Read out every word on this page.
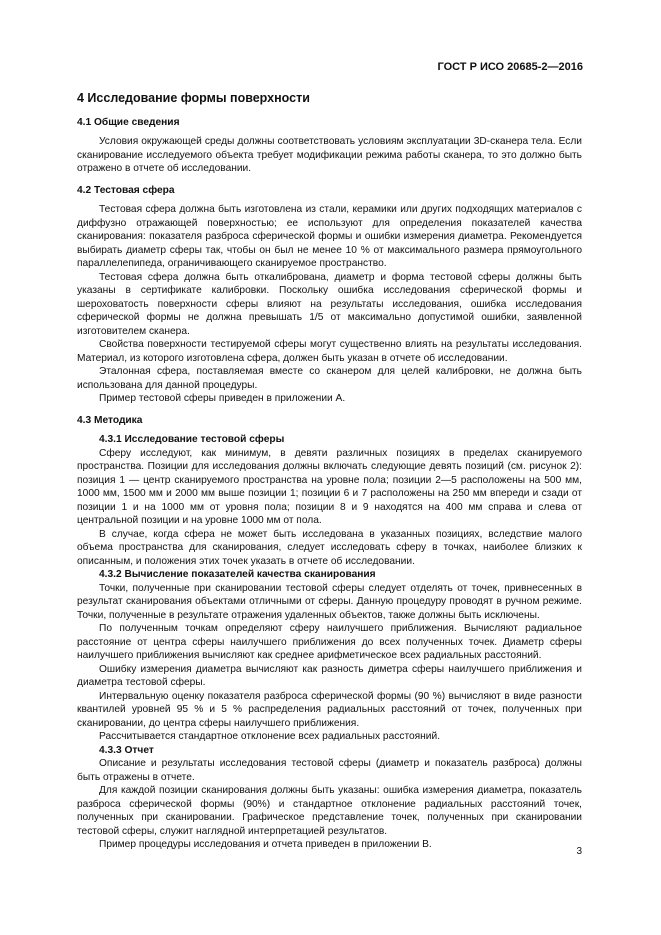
ГОСТ Р ИСО 20685-2—2016
4 Исследование формы поверхности
4.1 Общие сведения

Условия окружающей среды должны соответствовать условиям эксплуатации 3D-сканера тела. Если сканирование исследуемого объекта требует модификации режима работы сканера, то это должно быть отражено в отчете об исследовании.

4.2 Тестовая сфера

Тестовая сфера должна быть изготовлена из стали, керамики или других подходящих материалов с диффузно отражающей поверхностью; ее используют для определения показателей качества сканирования: показателя разброса сферической формы и ошибки измерения диаметра. Рекомендуется выбирать диаметр сферы так, чтобы он был не менее 10 % от максимального размера прямоугольного параллелепипеда, ограничивающего сканируемое пространство.

Тестовая сфера должна быть откалибрована, диаметр и форма тестовой сферы должны быть указаны в сертификате калибровки. Поскольку ошибка исследования сферической формы и шероховатость поверхности сферы влияют на результаты исследования, ошибка исследования сферической формы не должна превышать 1/5 от максимально допустимой ошибки, заявленной изготовителем сканера.

Свойства поверхности тестируемой сферы могут существенно влиять на результаты исследования. Материал, из которого изготовлена сфера, должен быть указан в отчете об исследовании.

Эталонная сфера, поставляемая вместе со сканером для целей калибровки, не должна быть использована для данной процедуры.

Пример тестовой сферы приведен в приложении А.

4.3 Методика
4.3.1 Исследование тестовой сферы

Сферу исследуют, как минимум, в девяти различных позициях в пределах сканируемого пространства. Позиции для исследования должны включать следующие девять позиций (см. рисунок 2): позиция 1 — центр сканируемого пространства на уровне пола; позиции 2—5 расположены на 500 мм, 1000 мм, 1500 мм и 2000 мм выше позиции 1; позиции 6 и 7 расположены на 250 мм впереди и сзади от позиции 1 и на 1000 мм от уровня пола; позиции 8 и 9 находятся на 400 мм справа и слева от центральной позиции и на уровне 1000 мм от пола.

В случае, когда сфера не может быть исследована в указанных позициях, вследствие малого объема пространства для сканирования, следует исследовать сферу в точках, наиболее близких к описанным, и положения этих точек указать в отчете об исследовании.

4.3.2 Вычисление показателей качества сканирования

Точки, полученные при сканировании тестовой сферы следует отделять от точек, привнесенных в результат сканирования объектами отличными от сферы. Данную процедуру проводят в ручном режиме. Точки, полученные в результате отражения удаленных объектов, также должны быть исключены.

По полученным точкам определяют сферу наилучшего приближения. Вычисляют радиальное расстояние от центра сферы наилучшего приближения до всех полученных точек. Диаметр сферы наилучшего приближения вычисляют как среднее арифметическое всех радиальных расстояний.

Ошибку измерения диаметра вычисляют как разность диметра сферы наилучшего приближения и диаметра тестовой сферы.

Интервальную оценку показателя разброса сферической формы (90 %) вычисляют в виде разности квантилей уровней 95 % и 5 % распределения радиальных расстояний от точек, полученных при сканировании, до центра сферы наилучшего приближения.

Рассчитывается стандартное отклонение всех радиальных расстояний.

4.3.3 Отчет

Описание и результаты исследования тестовой сферы (диаметр и показатель разброса) должны быть отражены в отчете.

Для каждой позиции сканирования должны быть указаны: ошибка измерения диаметра, показатель разброса сферической формы (90%) и стандартное отклонение радиальных расстояний точек, полученных при сканировании. Графическое представление точек, полученных при сканировании тестовой сферы, служит наглядной интерпретацией результатов.

Пример процедуры исследования и отчета приведен в приложении В.

3
